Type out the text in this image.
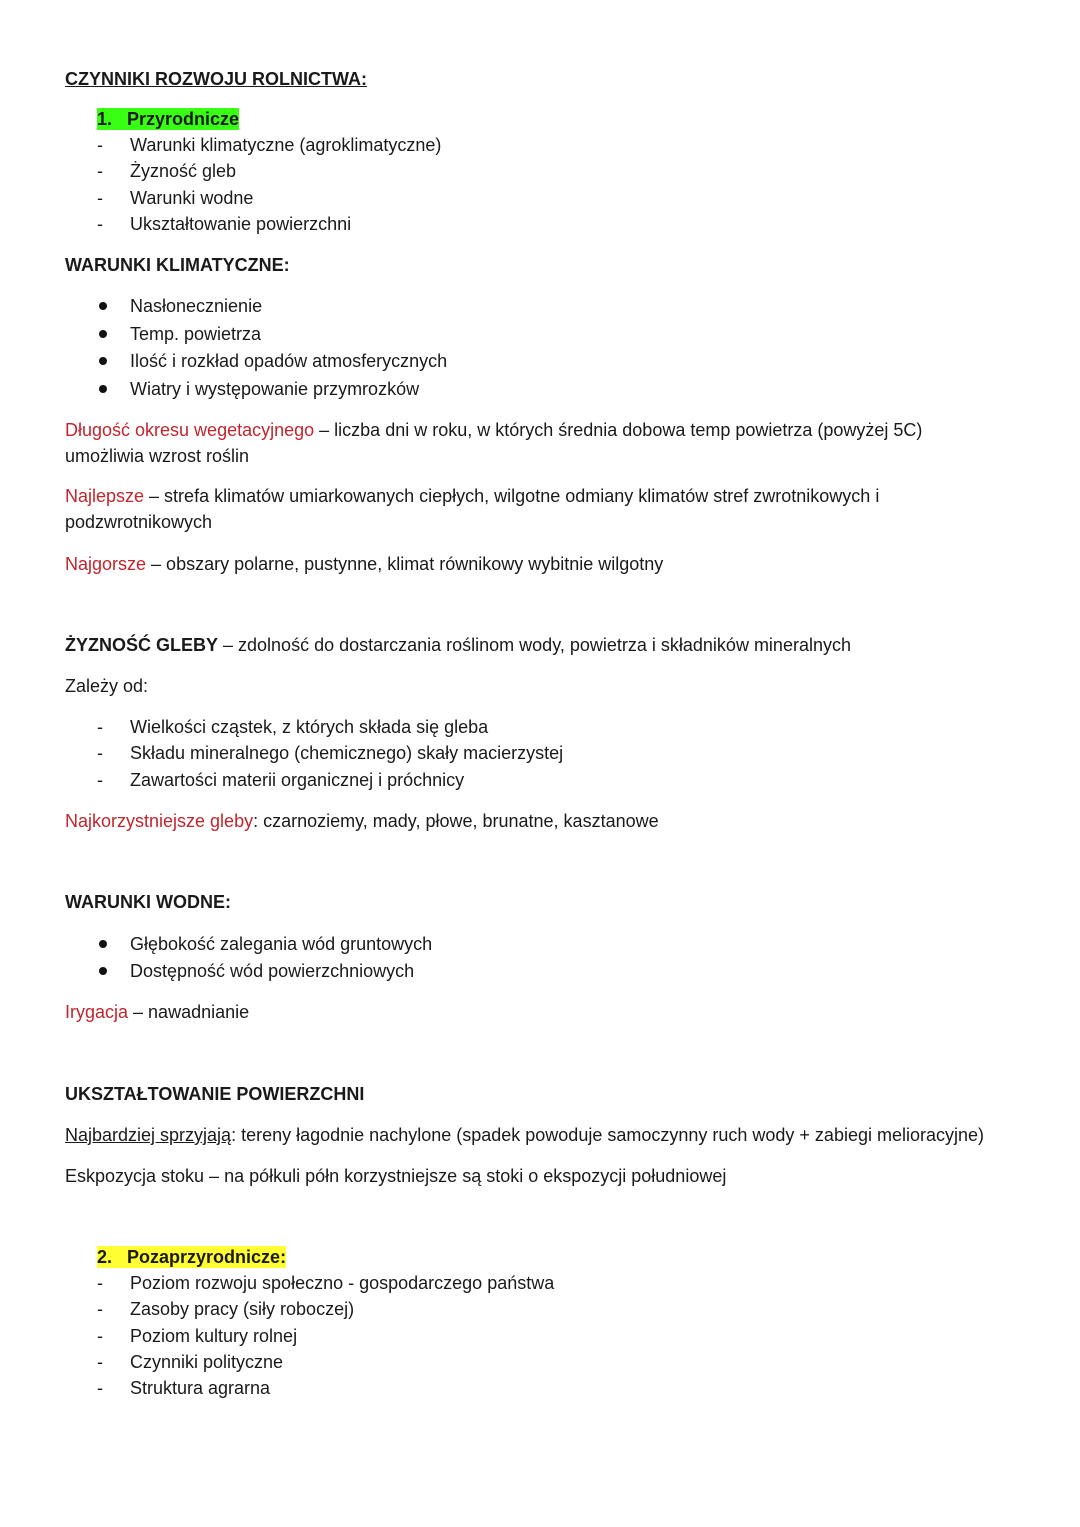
CZYNNIKI ROZWOJU ROLNICTWA:
1. Przyrodnicze
- Warunki klimatyczne (agroklimatyczne)
- Żyzność gleb
- Warunki wodne
- Ukształtowanie powierzchni
WARUNKI KLIMATYCZNE:
Nasłonecznienie
Temp. powietrza
Ilość i rozkład opadów atmosferycznych
Wiatry i występowanie przymrozków
Długość okresu wegetacyjnego – liczba dni w roku, w których średnia dobowa temp powietrza (powyżej 5C) umożliwia wzrost roślin
Najlepsze – strefa klimatów umiarkowanych ciepłych, wilgotne odmiany klimatów stref zwrotnikowych i podzwrotnikowych
Najgorsze – obszary polarne, pustynne, klimat równikowy wybitnie wilgotny
ŻYZNOŚĆ GLEBY – zdolność do dostarczania roślinom wody, powietrza i składników mineralnych
Zależy od:
- Wielkości cząstek, z których składa się gleba
- Składu mineralnego (chemicznego) skały macierzystej
- Zawartości materii organicznej i próchnicy
Najkorzystniejsze gleby: czarnoziemy, mady, płowe, brunatne, kasztanowe
WARUNKI WODNE:
Głębokość zalegania wód gruntowych
Dostępność wód powierzchniowych
Irygacja – nawadnianie
UKSZTAŁTOWANIE POWIERZCHNI
Najbardziej sprzyjają: tereny łagodnie nachylone (spadek powoduje samoczynny ruch wody + zabiegi melioracyjne)
Eskpozycja stoku – na półkuli półn korzystniejsze są stoki o ekspozycji południowej
2. Pozaprzyrodnicze:
- Poziom rozwoju społeczno - gospodarczego państwa
- Zasoby pracy (siły roboczej)
- Poziom kultury rolnej
- Czynniki polityczne
- Struktura agrarna
